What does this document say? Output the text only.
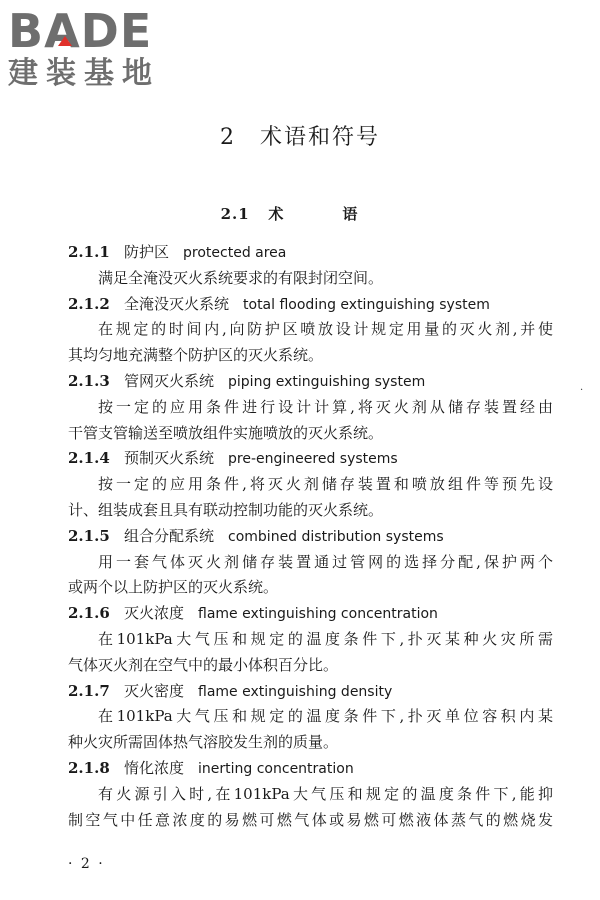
BADE
建装基地
2　术语和符号
2.1 术　语
2.1.1 防护区 protected area
满足全淹没灭火系统要求的有限封闭空间。
2.1.2 全淹没灭火系统 total flooding extinguishing system
在规定的时间内,向防护区喷放设计规定用量的灭火剂,并使
其均匀地充满整个防护区的灭火系统。
2.1.3 管网灭火系统 piping extinguishing system
按一定的应用条件进行设计计算,将灭火剂从储存装置经由
干管支管输送至喷放组件实施喷放的灭火系统。
2.1.4 预制灭火系统 pre-engineered systems
按一定的应用条件,将灭火剂储存装置和喷放组件等预先设
计、组装成套且具有联动控制功能的灭火系统。
2.1.5 组合分配系统 combined distribution systems
用一套气体灭火剂储存装置通过管网的选择分配,保护两个
或两个以上防护区的灭火系统。
2.1.6 灭火浓度 flame extinguishing concentration
在101kPa大气压和规定的温度条件下,扑灭某种火灾所需
气体灭火剂在空气中的最小体积百分比。
2.1.7 灭火密度 flame extinguishing density
在101kPa大气压和规定的温度条件下,扑灭单位容积内某
种火灾所需固体热气溶胶发生剂的质量。
2.1.8 惰化浓度 inerting concentration
有火源引入时,在101kPa大气压和规定的温度条件下,能抑
制空气中任意浓度的易燃可燃气体或易燃可燃液体蒸气的燃烧发
·
· 2 ·
